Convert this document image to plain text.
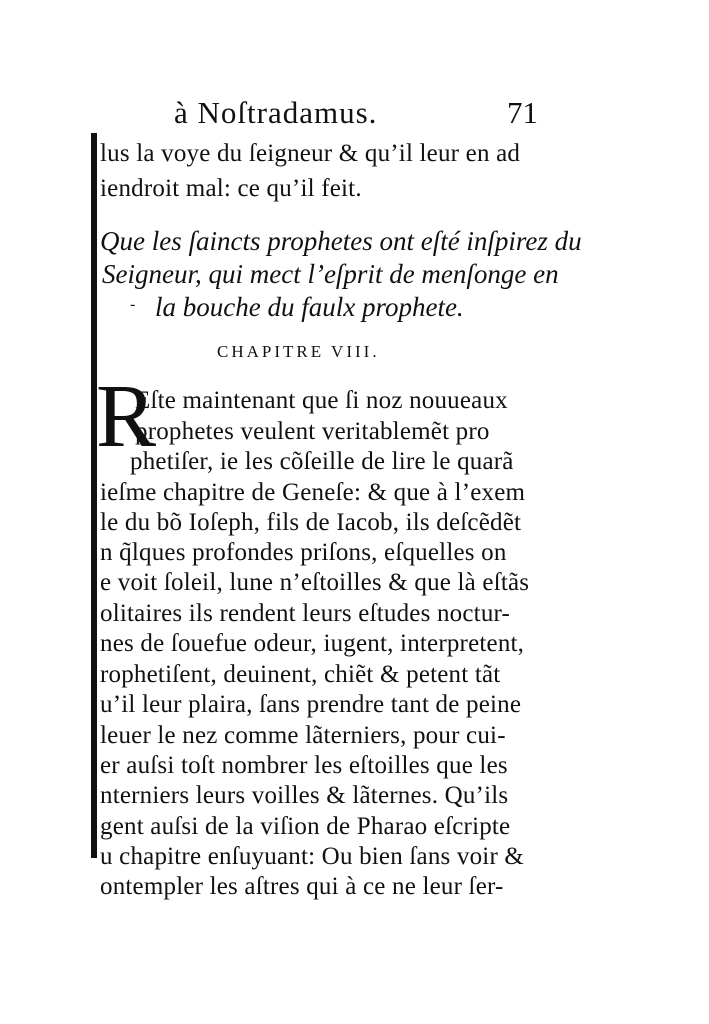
à Noſtradamus.	71
lus la voye du ſeigneur & qu’il leur en ad
iendroit mal: ce qu’il feit.
Que les ſaincts prophetes ont eſté inſpirez du
Seigneur, qui mect l’eſprit de menſonge en
la bouche du faulx prophete.
-
CHAPITRE VIII.
R
Eſte maintenant que ſi noz nouueaux
prophetes veulent veritablemẽt pro
phetiſer, ie les cõſeille de lire le quarã
ieſme chapitre de Geneſe: & que à l’exem
le du bõ Ioſeph, fils de Iacob, ils deſcẽdẽt
n q̃lques profondes priſons, eſquelles on
e voit ſoleil, lune n’eſtoilles & que là eſtãs
olitaires ils rendent leurs eſtudes noctur-
nes de ſouefue odeur, iugent, interpretent,
rophetiſent, deuinent, chiẽt & petent tãt
u’il leur plaira, ſans prendre tant de peine
leuer le nez comme lãterniers, pour cui-
er auſsi toſt nombrer les eſtoilles que les
nterniers leurs voilles & lãternes. Qu’ils
gent auſsi de la viſion de Pharao eſcripte
u chapitre enſuyuant: Ou bien ſans voir &
ontempler les aſtres qui à ce ne leur ſer-
